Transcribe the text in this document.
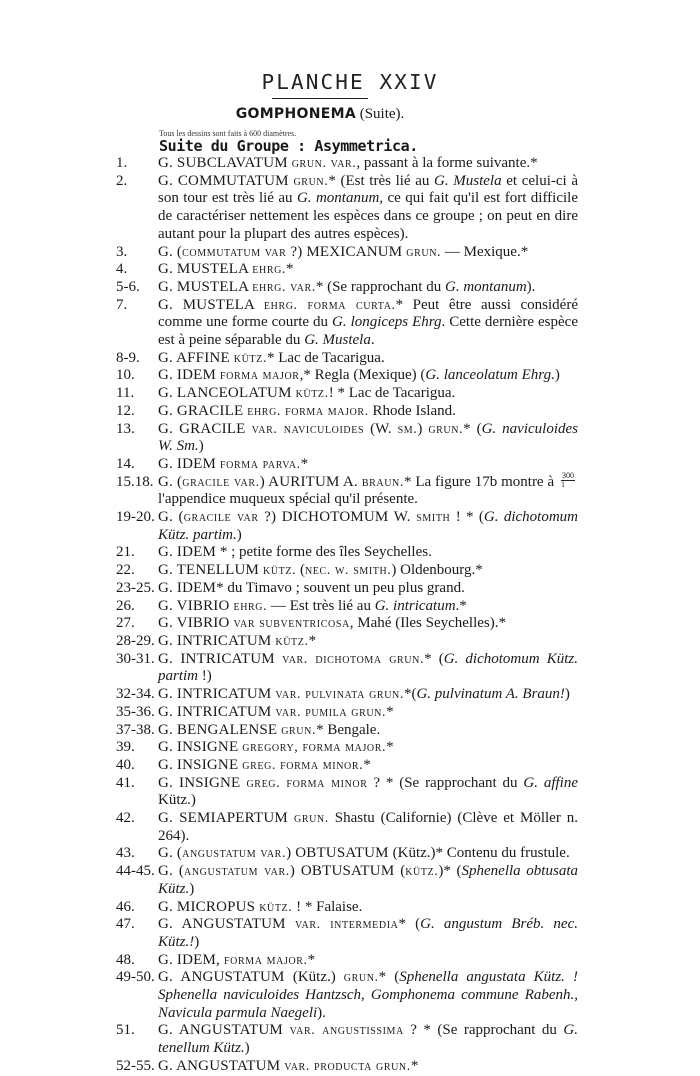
PLANCHE XXIV
GOMPHONEMA (Suite).
Tous les dessins sont faits à 600 diamètres.
Suite du Groupe : Asymmetrica.
1.	G. SUBCLAVATUM grun. var., passant à la forme suivante.*
2.	G. COMMUTATUM grun.* (Est très lié au G. Mustela et celui-ci à son tour est très lié au G. montanum, ce qui fait qu'il est fort difficile de caractériser nettement les espèces dans ce groupe ; on peut en dire autant pour la plupart des autres espèces).
3.	G. (commutatum var ?) MEXICANUM grun. — Mexique.*
4.	G. MUSTELA ehrg.*
5-6.	G. MUSTELA ehrg. var.* (Se rapprochant du G. montanum).
7.	G. MUSTELA ehrg. forma curta.* Peut être aussi considéré comme une forme courte du G. longiceps Ehrg. Cette dernière espèce est à peine séparable du G. Mustela.
8-9.	G. AFFINE kütz.* Lac de Tacarigua.
10.	G. IDEM forma major,* Regla (Mexique) (G. lanceolatum Ehrg.)
11.	G. LANCEOLATUM kütz.! * Lac de Tacarigua.
12.	G. GRACILE ehrg. forma major. Rhode Island.
13.	G. GRACILE var. naviculoides (W. sm.) grun.* (G. naviculoides W. Sm.)
14.	G. IDEM forma parva.*
15.18. G. (gracile var.) AURITUM A. braun.* La figure 17b montre à $\frac{300}{1}$
l'appendice muqueux spécial qu'il présente.
19-20. G. (gracile var ?) DICHOTOMUM W. smith ! * (G. dichotomum Kütz. partim.)
21.	G. IDEM * ; petite forme des îles Seychelles.
22.	G. TENELLUM kütz. (nec. w. smith.) Oldenbourg.*
23-25. G. IDEM* du Timavo ; souvent un peu plus grand.
26.	G. VIBRIO ehrg. — Est très lié au G. intricatum.*
27.	G. VIBRIO var subventricosa, Mahé (Iles Seychelles).*
28-29. G. INTRICATUM kütz.*
30-31. G. INTRICATUM var. dichotoma grun.* (G. dichotomum Kütz. partim !)
32-34. G. INTRICATUM var. pulvinata grun.*(G. pulvinatum A. Braun!)
35-36. G. INTRICATUM var. pumila grun.*
37-38. G. BENGALENSE grun.* Bengale.
39.	G. INSIGNE gregory, forma major.*
40.	G. INSIGNE greg. forma minor.*
41.	G. INSIGNE greg. forma minor ? * (Se rapprochant du G. affine Kütz.)
42.	G. SEMIAPERTUM grun. Shastu (Californie) (Clève et Möller n. 264).
43.	G. (angustatum var.) OBTUSATUM (Kütz.)* Contenu du frustule.
44-45. G. (angustatum var.) OBTUSATUM (kütz.)* (Sphenella obtusata Kütz.)
46.	G. MICROPUS kütz. ! * Falaise.
47.	G. ANGUSTATUM var. intermedia* (G. angustum Bréb. nec. Kütz.!)
48.	G. IDEM, forma major.*
49-50. G. ANGUSTATUM (Kütz.) grun.* (Sphenella angustata Kütz. ! Sphenella naviculoides Hantzsch, Gomphonema commune Rabenh., Navicula parmula Naegeli).
51.	G. ANGUSTATUM var. angustissima ? * (Se rapprochant du G. tenellum Kütz.)
52-55. G. ANGUSTATUM var. producta grun.*
